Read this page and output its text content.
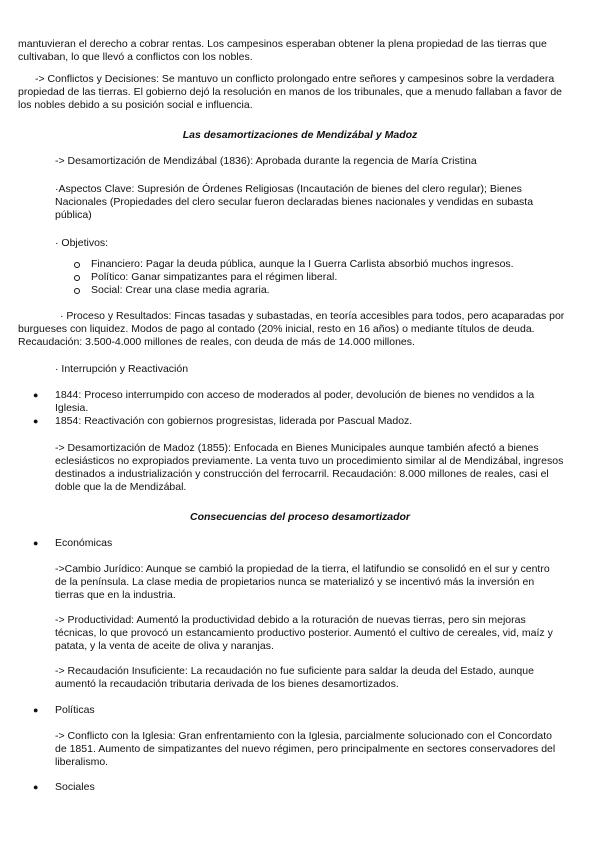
mantuvieran el derecho a cobrar rentas. Los campesinos esperaban obtener la plena propiedad de las tierras que cultivaban, lo que llevó a conflictos con los nobles.

-> Conflictos y Decisiones: Se mantuvo un conflicto prolongado entre señores y campesinos sobre la verdadera propiedad de las tierras. El gobierno dejó la resolución en manos de los tribunales, que a menudo fallaban a favor de los nobles debido a su posición social e influencia.

Las desamortizaciones de Mendizábal y Madoz

-> Desamortización de Mendizábal (1836): Aprobada durante la regencia de María Cristina

·Aspectos Clave: Supresión de Órdenes Religiosas (Incautación de bienes del clero regular); Bienes Nacionales (Propiedades del clero secular fueron declaradas bienes nacionales y vendidas en subasta pública)

· Objetivos:

Financiero: Pagar la deuda pública, aunque la I Guerra Carlista absorbió muchos ingresos.

Político: Ganar simpatizantes para el régimen liberal.

Social: Crear una clase media agraria.

· Proceso y Resultados: Fincas tasadas y subastadas, en teoría accesibles para todos, pero acaparadas por burgueses con liquidez. Modos de pago al contado (20% inicial, resto en 16 años) o mediante títulos de deuda. Recaudación: 3.500-4.000 millones de reales, con deuda de más de 14.000 millones.

· Interrupción y Reactivación

● 1844: Proceso interrumpido con acceso de moderados al poder, devolución de bienes no vendidos a la Iglesia.

● 1854: Reactivación con gobiernos progresistas, liderada por Pascual Madoz.

-> Desamortización de Madoz (1855): Enfocada en Bienes Municipales aunque también afectó a bienes eclesiásticos no expropiados previamente. La venta tuvo un procedimiento similar al de Mendizábal, ingresos destinados a industrialización y construcción del ferrocarril. Recaudación: 8.000 millones de reales, casi el doble que la de Mendizábal.

Consecuencias del proceso desamortizador

● Económicas

->Cambio Jurídico: Aunque se cambió la propiedad de la tierra, el latifundio se consolidó en el sur y centro de la península. La clase media de propietarios nunca se materializó y se incentivó más la inversión en tierras que en la industria.

-> Productividad: Aumentó la productividad debido a la roturación de nuevas tierras, pero sin mejoras técnicas, lo que provocó un estancamiento productivo posterior. Aumentó el cultivo de cereales, vid, maíz y patata, y la venta de aceite de oliva y naranjas.

-> Recaudación Insuficiente: La recaudación no fue suficiente para saldar la deuda del Estado, aunque aumentó la recaudación tributaria derivada de los bienes desamortizados.

● Políticas

-> Conflicto con la Iglesia: Gran enfrentamiento con la Iglesia, parcialmente solucionado con el Concordato de 1851. Aumento de simpatizantes del nuevo régimen, pero principalmente en sectores conservadores del liberalismo.

● Sociales
